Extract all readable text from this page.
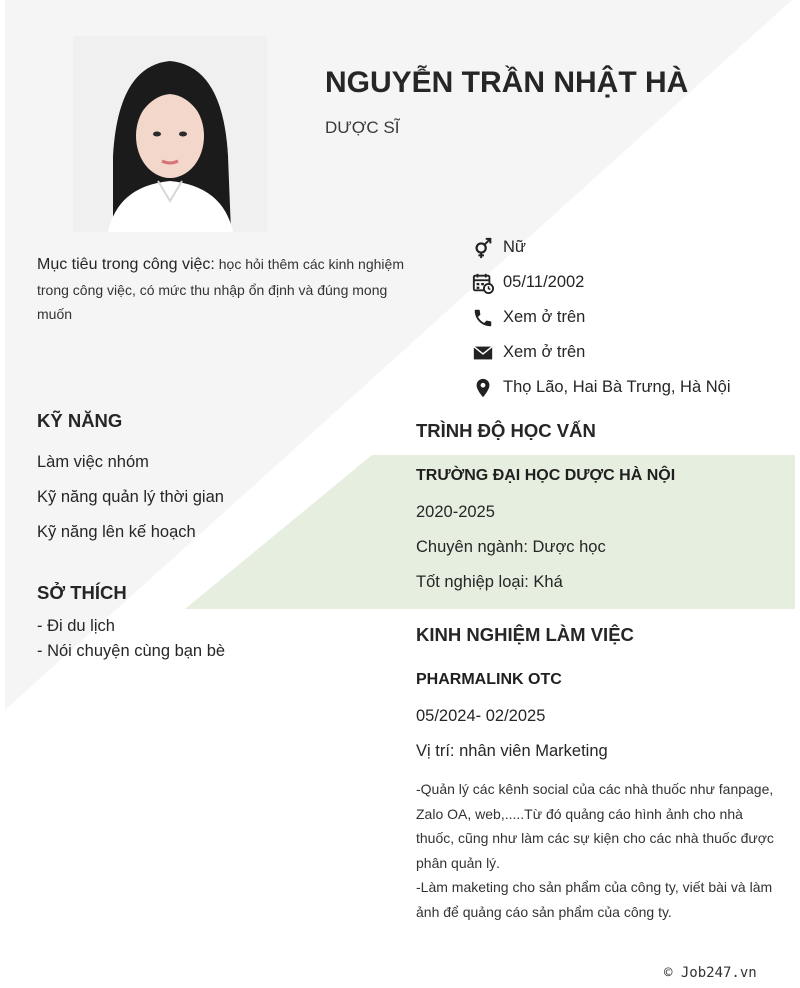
NGUYỄN TRẦN NHẬT HÀ

DƯỢC SĨ

Mục tiêu trong công việc: học hỏi thêm các kinh nghiệm trong công việc, có mức thu nhập ổn định và đúng mong muốn

Nữ
05/11/2002
Xem ở trên
Xem ở trên
Thọ Lão, Hai Bà Trưng, Hà Nội
KỸ NĂNG
Làm việc nhóm
Kỹ năng quản lý thời gian
Kỹ năng lên kế hoạch
SỞ THÍCH
- Đi du lịch
- Nói chuyện cùng bạn bè
TRÌNH ĐỘ HỌC VẤN

TRƯỜNG ĐẠI HỌC DƯỢC HÀ NỘI

2020-2025

Chuyên ngành: Dược học

Tốt nghiệp loại: Khá

KINH NGHIỆM LÀM VIỆC

PHARMALINK OTC

05/2024- 02/2025

Vị trí: nhân viên Marketing

-Quản lý các kênh social của các nhà thuốc như fanpage, Zalo OA, web,.....Từ đó quảng cáo hình ảnh cho nhà thuốc, cũng như làm các sự kiện cho các nhà thuốc được phân quản lý.

-Làm maketing cho sản phẩm của công ty, viết bài và làm ảnh để quảng cáo sản phẩm của công ty.

© Job247.vn
